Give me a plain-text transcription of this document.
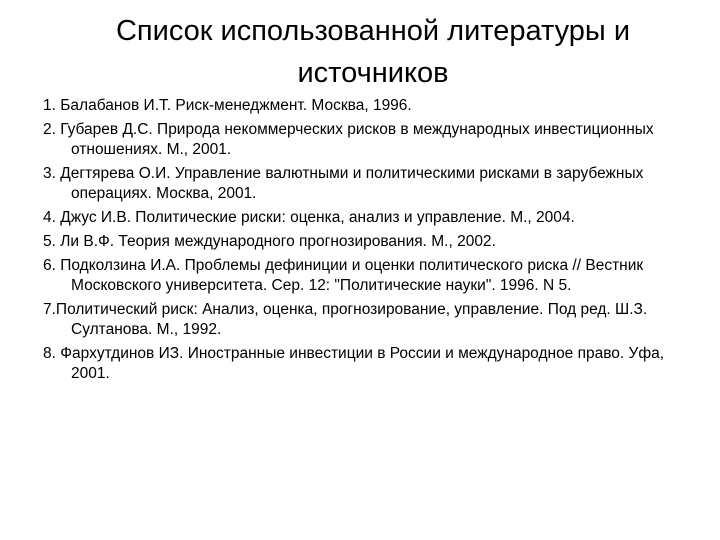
Список использованной литературы и
источников
1. Балабанов И.Т. Риск-менеджмент. Москва, 1996.
2. Губарев Д.С. Природа некоммерческих рисков в международных инвестиционных отношениях. М., 2001.
3. Дегтярева О.И. Управление валютными и политическими рисками в зарубежных операциях. Москва, 2001.
4. Джус И.В. Политические риски: оценка, анализ и управление. М., 2004.
5. Ли В.Ф. Теория международного прогнозирования. М., 2002.
6. Подколзина И.А. Проблемы дефиниции и оценки политического риска // Вестник Московского университета. Сер. 12: "Политические науки". 1996. N 5.
7.Политический риск: Анализ, оценка, прогнозирование, управление. Под ред. Ш.З. Султанова. М., 1992.
8. Фархутдинов ИЗ. Иностранные инвестиции в России и международное право. Уфа, 2001.
